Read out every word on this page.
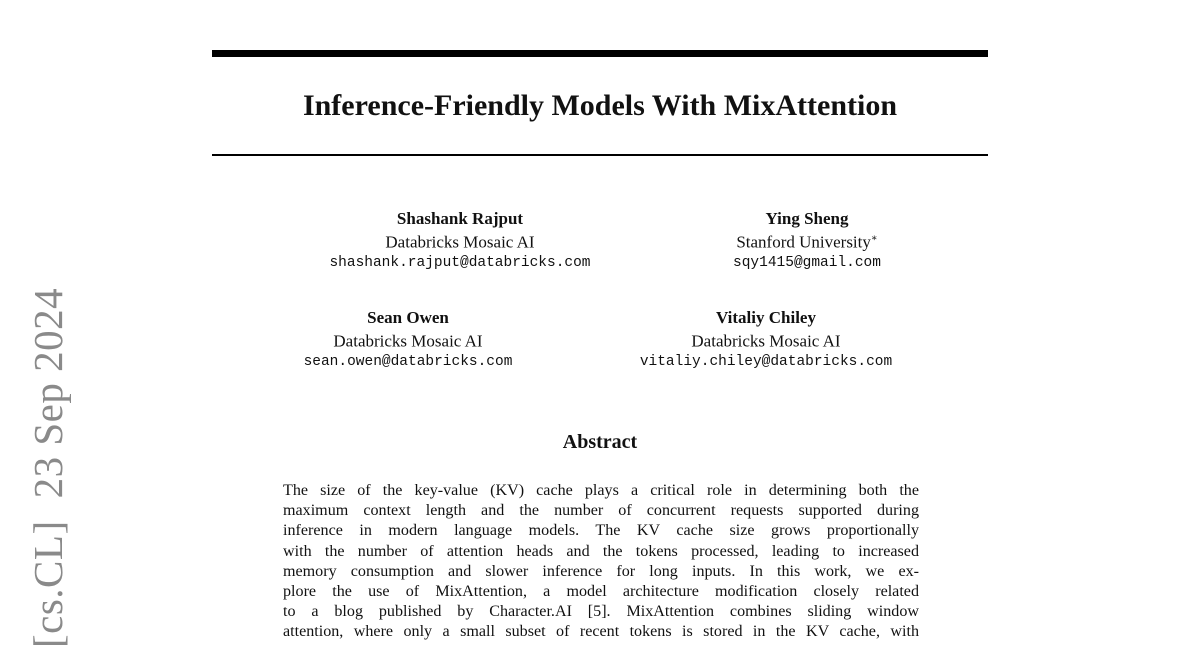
[cs.CL]23 Sep 2024
Inference-Friendly Models With MixAttention
Shashank Rajput
Databricks Mosaic AI
shashank.rajput@databricks.com
Ying Sheng
Stanford University∗
sqy1415@gmail.com
Sean Owen
Databricks Mosaic AI
sean.owen@databricks.com
Vitaliy Chiley
Databricks Mosaic AI
vitaliy.chiley@databricks.com
Abstract
The size of the key-value (KV) cache plays a critical role in determining both the
maximum context length and the number of concurrent requests supported during
inference in modern language models. The KV cache size grows proportionally
with the number of attention heads and the tokens processed, leading to increased
memory consumption and slower inference for long inputs. In this work, we ex-
plore the use of MixAttention, a model architecture modification closely related
to a blog published by Character.AI [5]. MixAttention combines sliding window
attention, where only a small subset of recent tokens is stored in the KV cache, with
